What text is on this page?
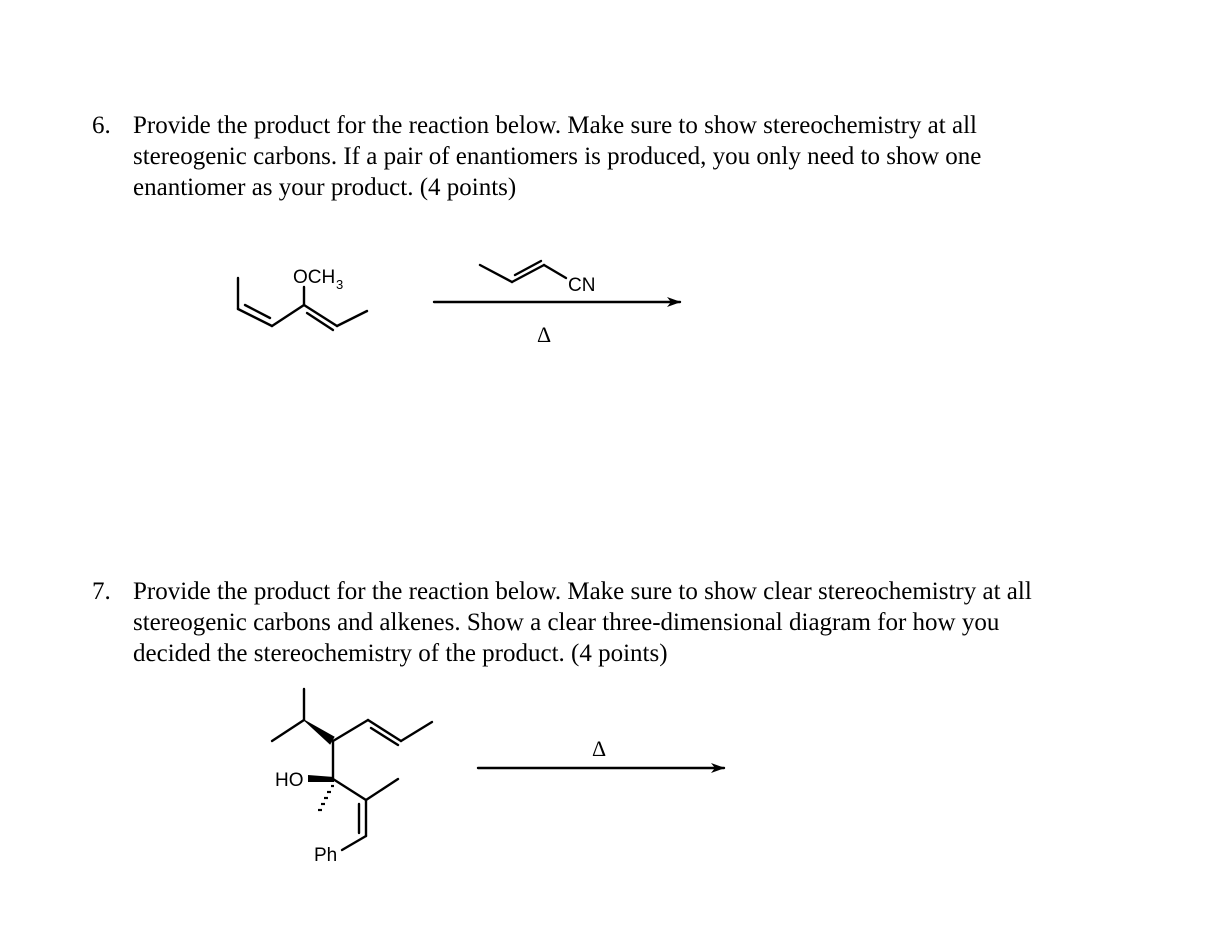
6. Provide the product for the reaction below. Make sure to show stereochemistry at all
stereogenic carbons. If a pair of enantiomers is produced, you only need to show one
enantiomer as your product. (4 points)
7. Provide the product for the reaction below. Make sure to show clear stereochemistry at all
stereogenic carbons and alkenes. Show a clear three-dimensional diagram for how you
decided the stereochemistry of the product. (4 points)
OCH 3	CN
Δ
HO
Ph
Δ
